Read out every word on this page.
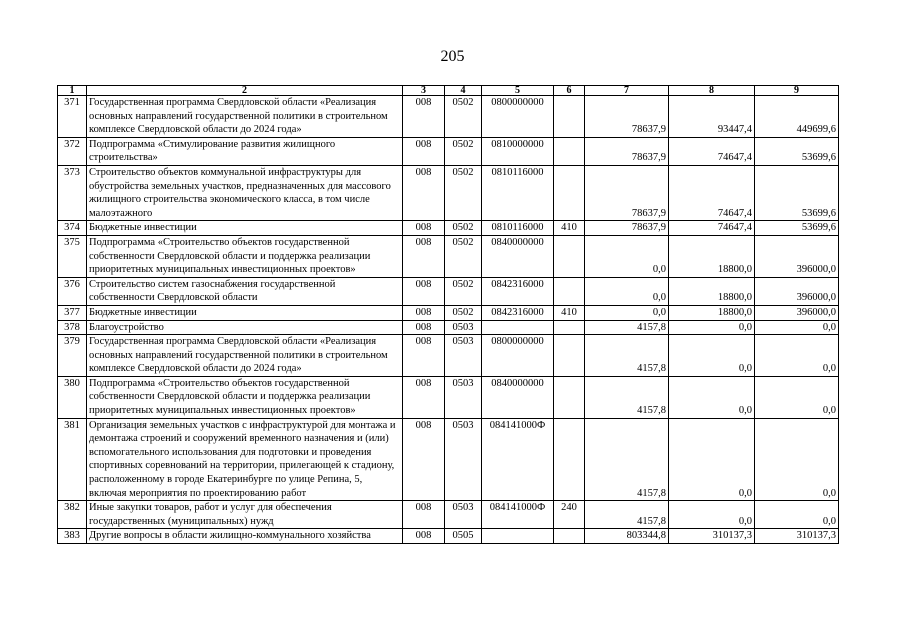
205
1	2	3	4	5	6	7	8	9
371	Государственная программа Свердловской области «Реализация основных направлений государственной политики в строительном комплексе Свердловской области до 2024 года»	008	0502	0800000000		78637,9	93447,4	449699,6
372	Подпрограмма «Стимулирование развития жилищного строительства»	008	0502	0810000000		78637,9	74647,4	53699,6
373	Строительство объектов коммунальной инфраструктуры для обустройства земельных участков, предназначенных для массового жилищного строительства экономического класса, в том числе малоэтажного	008	0502	0810116000		78637,9	74647,4	53699,6
374	Бюджетные инвестиции	008	0502	0810116000	410	78637,9	74647,4	53699,6
375	Подпрограмма «Строительство объектов государственной собственности Свердловской области и поддержка реализации приоритетных муниципальных инвестиционных проектов»	008	0502	0840000000		0,0	18800,0	396000,0
376	Строительство систем газоснабжения государственной собственности Свердловской области	008	0502	0842316000		0,0	18800,0	396000,0
377	Бюджетные инвестиции	008	0502	0842316000	410	0,0	18800,0	396000,0
378	Благоустройство	008	0503			4157,8	0,0	0,0
379	Государственная программа Свердловской области «Реализация основных направлений государственной политики в строительном комплексе Свердловской области до 2024 года»	008	0503	0800000000		4157,8	0,0	0,0
380	Подпрограмма «Строительство объектов государственной собственности Свердловской области и поддержка реализации приоритетных муниципальных инвестиционных проектов»	008	0503	0840000000		4157,8	0,0	0,0
381	Организация земельных участков с инфраструктурой для монтажа и демонтажа строений и сооружений временного назначения и (или) вспомогательного использования для подготовки и проведения спортивных соревнований на территории, прилегающей к стадиону, расположенному в городе Екатеринбурге по улице Репина, 5, включая мероприятия по проектированию работ	008	0503	084141000Ф		4157,8	0,0	0,0
382	Иные закупки товаров, работ и услуг для обеспечения государственных (муниципальных) нужд	008	0503	084141000Ф	240	4157,8	0,0	0,0
383	Другие вопросы в области жилищно-коммунального хозяйства	008	0505			803344,8	310137,3	310137,3
